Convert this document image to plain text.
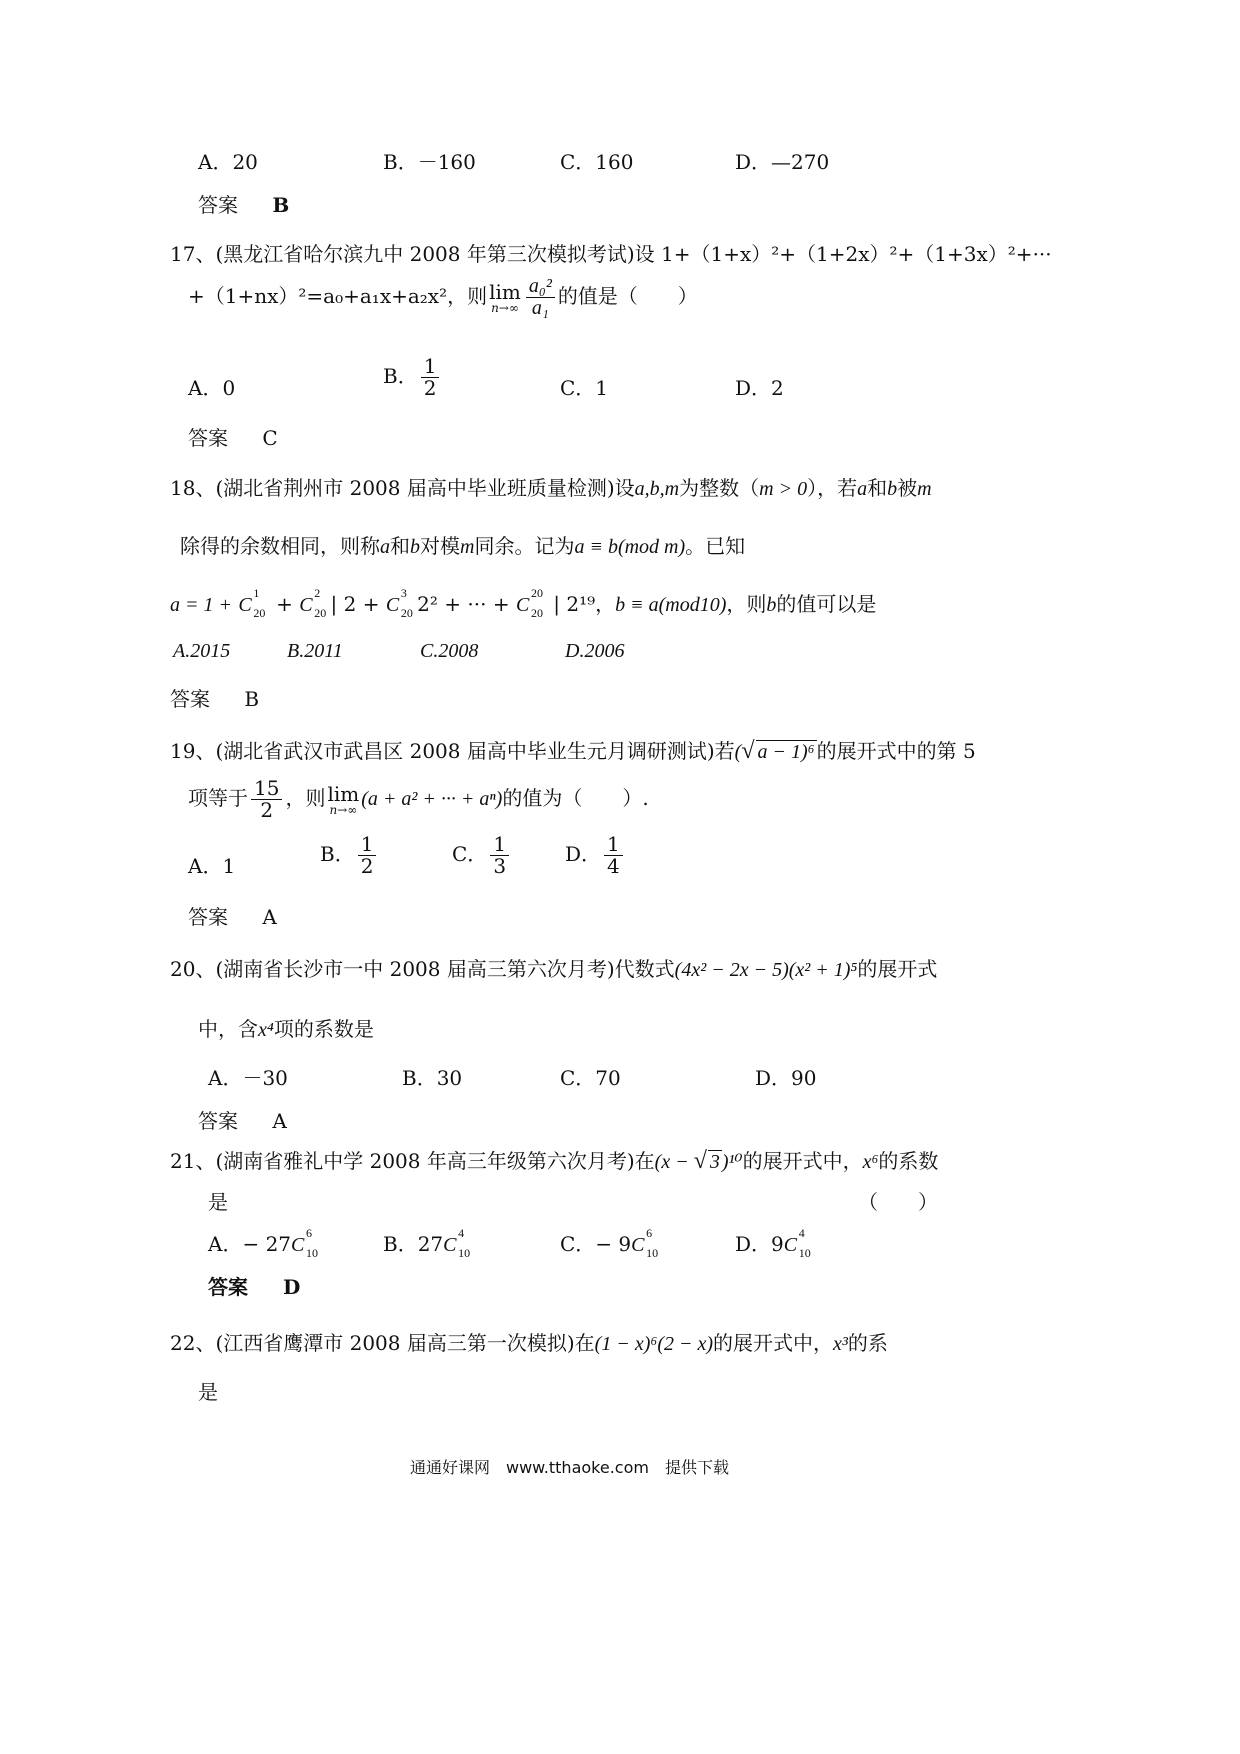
A．20	B．－160	C．160	D．—270
答案 B
17、(黑龙江省哈尔滨九中 2008 年第三次模拟考试)设 1+（1+x）²+（1+2x）²+（1+3x）²+···
+（1+nx）²=a₀+a₁x+a₂x²，则 lim
$n\to\infty \frac{\text{a₀²}}{\text{a₁}}$ 的值是（　　）
A．0	B． $\frac{1}{2}$	C．1	D．2
答案 C
18、(湖北省荆州市 2008 届高中毕业班质量检测)设a,b,m为整数（m > 0），若a和b被m
除得的余数相同，则称a和b对模m同余。记为a ≡ b(mod m)。已知
a = 1 + C
1
20 + C
2
20 | 2 + C
3
20 2² + ··· + C
20
20 | 2¹⁹，b ≡ a(mod10)，则b的值可以是
A.2015	B.2011	C.2008	D.2006
答案 B
19、(湖北省武汉市武昌区 2008 届高中毕业生元月调研测试)若(√ a − 1)⁶ 的展开式中的第 5
项等于 $\frac{15}{2}$ ，则 lim
n→∞ (a + a² + ··· + aⁿ)的值为（　　）.
A．1	B． $\frac{1}{2}$	C． $\frac{1}{3}$	D． $\frac{1}{4}$
答案 A
20、(湖南省长沙市一中 2008 届高三第六次月考)代数式(4x² − 2x − 5)(x² + 1)⁵的展开式
中，含x⁴项的系数是
A．－30	B．30	C．70	D．90
答案 A
21、(湖南省雅礼中学 2008 年高三年级第六次月考)在(x − √ 3 )¹⁰的展开式中，x⁶的系数
是	（　　）
A．− 27C
6
10	B．27C
4
10	C．− 9C
6
10	D．9C
4
10
答案 D
22、(江西省鹰潭市 2008 届高三第一次模拟)在(1 − x)⁶(2 − x)的展开式中，x³的系
是
通通好课网　www.tthaoke.com　提供下载
